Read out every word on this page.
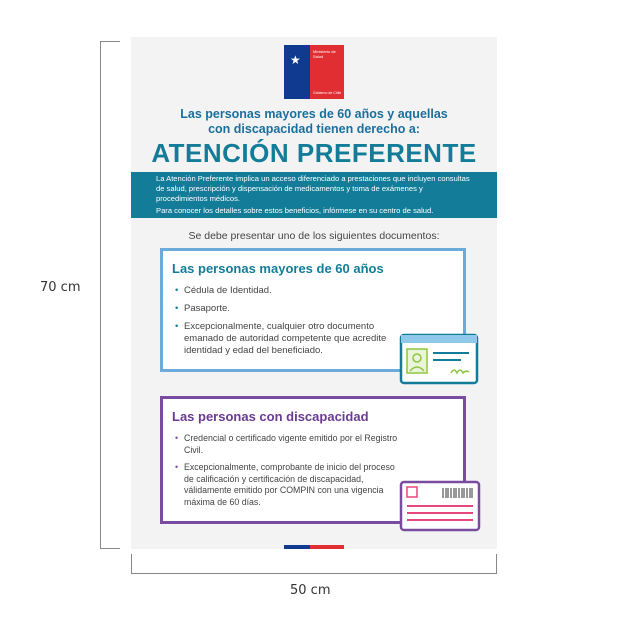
70 cm
50 cm
★
Ministerio de Salud
Gobierno de Chile
Las personas mayores de 60 años y aquellas
con discapacidad tienen derecho a:
ATENCIÓN PREFERENTE

La Atención Preferente implica un acceso diferenciado a prestaciones que incluyen consultas de salud, prescripción y dispensación de medicamentos y toma de exámenes y procedimientos médicos.

Para conocer los detalles sobre estos beneficios, infórmese en su centro de salud.
Se debe presentar uno de los siguientes documentos:
Las personas mayores de 60 años
• Cédula de Identidad.
• Pasaporte.
• Excepcionalmente, cualquier otro documento emanado de autoridad competente que acredite identidad y edad del beneficiado.
Las personas con discapacidad
• Credencial o certificado vigente emitido por el Registro Civil.
• Excepcionalmente, comprobante de inicio del proceso de calificación y certificación de discapacidad, válidamente emitido por COMPIN con una vigencia máxima de 60 días.
